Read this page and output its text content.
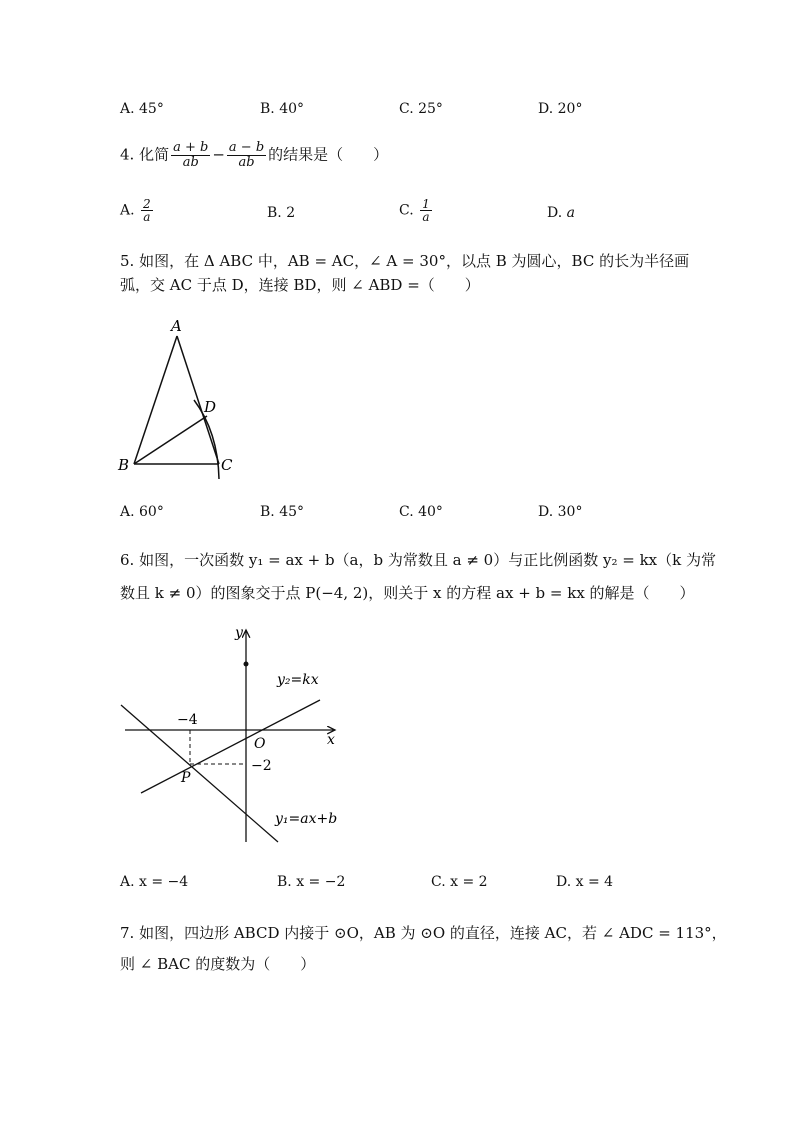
A. 45°	B. 40°	C. 25°	D. 20°
4. 化简 $\frac{a + b}{ab} - \frac{a - b}{ab}$ 的结果是（　　）
A. $\frac{2}{a}$	B. 2	C. $\frac{1}{a}$	D. a
5. 如图，在 Δ ABC 中，AB = AC，∠ A = 30°，以点 B 为圆心，BC 的长为半径画
弧，交 AC 于点 D，连接 BD，则 ∠ ABD =（　　）
A
B	C
D
A. 60°	B. 45°	C. 40°	D. 30°
6. 如图，一次函数 y₁ = ax + b（a，b 为常数且 a ≠ 0）与正比例函数 y₂ = kx（k 为常
数且 k ≠ 0）的图象交于点 P(−4, 2)，则关于 x 的方程 ax + b = kx 的解是（　　）
y
x
O
P
−4
−2
y₂=kx
y₁=ax+b
A. x = −4	B. x = −2	C. x = 2	D. x = 4
7. 如图，四边形 ABCD 内接于 ⊙O，AB 为 ⊙O 的直径，连接 AC，若 ∠ ADC = 113°，
则 ∠ BAC 的度数为（　　）
